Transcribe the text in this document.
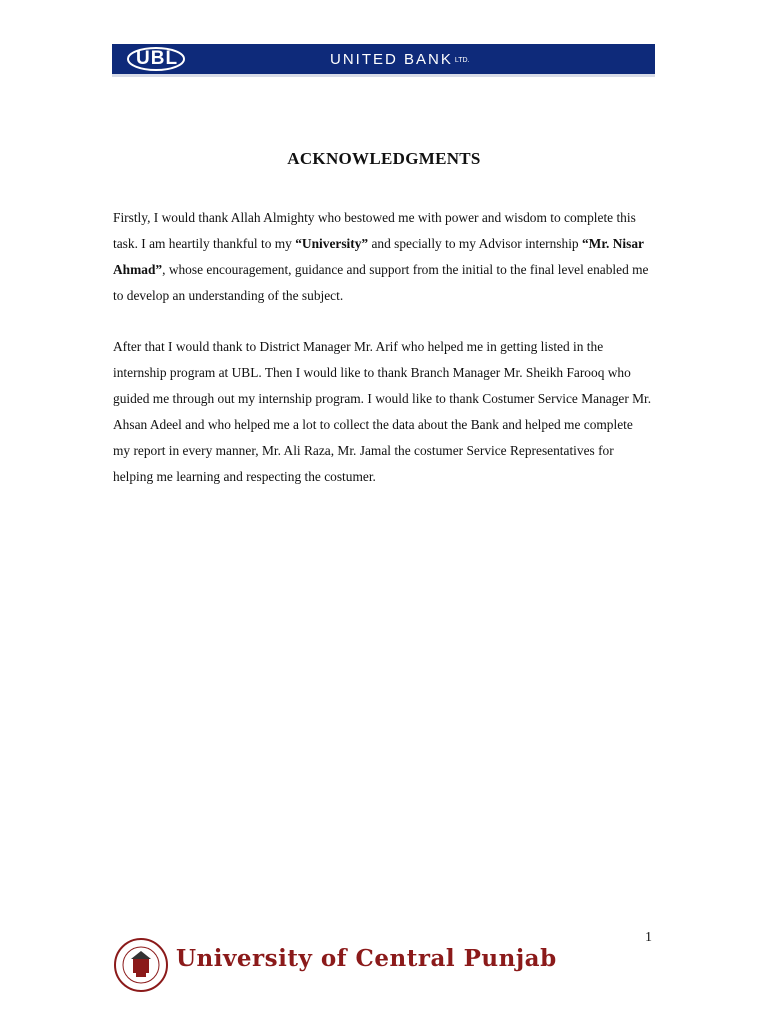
UBL	UNITED BANK LTD.
ACKNOWLEDGMENTS

Firstly, I would thank Allah Almighty who bestowed me with power and wisdom to complete this task. I am heartily thankful to my “University” and specially to my Advisor internship “Mr. Nisar Ahmad”, whose encouragement, guidance and support from the initial to the final level enabled me to develop an understanding of the subject.

After that I would thank to District Manager Mr. Arif who helped me in getting listed in the internship program at UBL. Then I would like to thank Branch Manager Mr. Sheikh Farooq who guided me through out my internship program. I would like to thank Costumer Service Manager Mr. Ahsan Adeel and who helped me a lot to collect the data about the Bank and helped me complete my report in every manner, Mr. Ali Raza, Mr. Jamal the costumer Service Representatives for helping me learning and respecting the costumer.

1
University of Central Punjab
